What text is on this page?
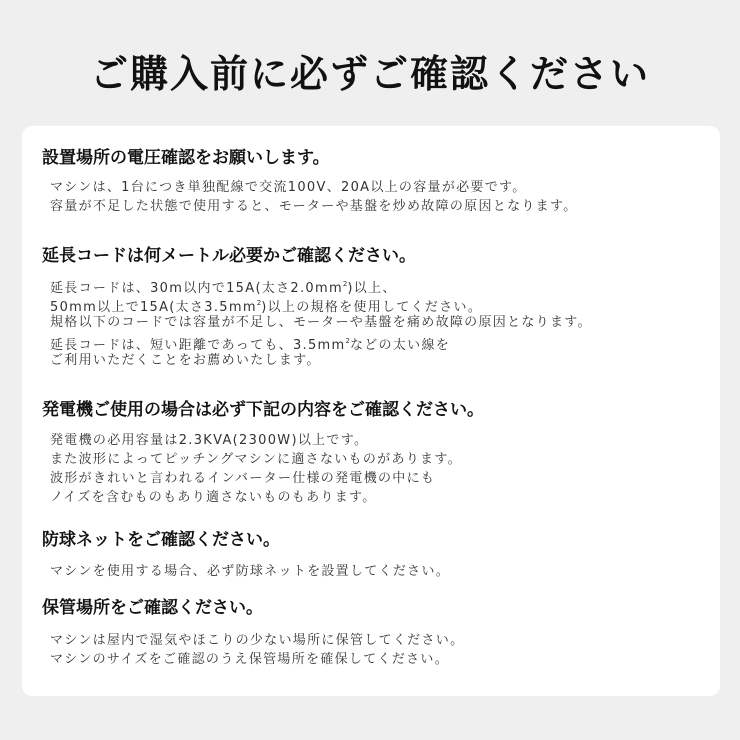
ご購入前に必ずご確認ください
設置場所の電圧確認をお願いします。
マシンは、1台につき単独配線で交流100V、20A以上の容量が必要です。
容量が不足した状態で使用すると、モーターや基盤を炒め故障の原因となります。
延長コードは何メートル必要かご確認ください。
延長コードは、30m以内で15A(太さ$2.0mm^2$)以上、
50mm以上で15A(太さ$3.5mm^2$)以上の規格を使用してください。
規格以下のコードでは容量が不足し、モーターや基盤を痛め故障の原因となります。
延長コードは、短い距離であっても、$3.5mm^2$などの太い線を
ご利用いただくことをお薦めいたします。
発電機ご使用の場合は必ず下記の内容をご確認ください。
発電機の必用容量は2.3KVA(2300W)以上です。
また波形によってピッチングマシンに適さないものがあります。
波形がきれいと言われるインバーター仕様の発電機の中にも
ノイズを含むものもあり適さないものもあります。
防球ネットをご確認ください。
マシンを使用する場合、必ず防球ネットを設置してください。
保管場所をご確認ください。
マシンは屋内で湿気やほこりの少ない場所に保管してください。
マシンのサイズをご確認のうえ保管場所を確保してください。
